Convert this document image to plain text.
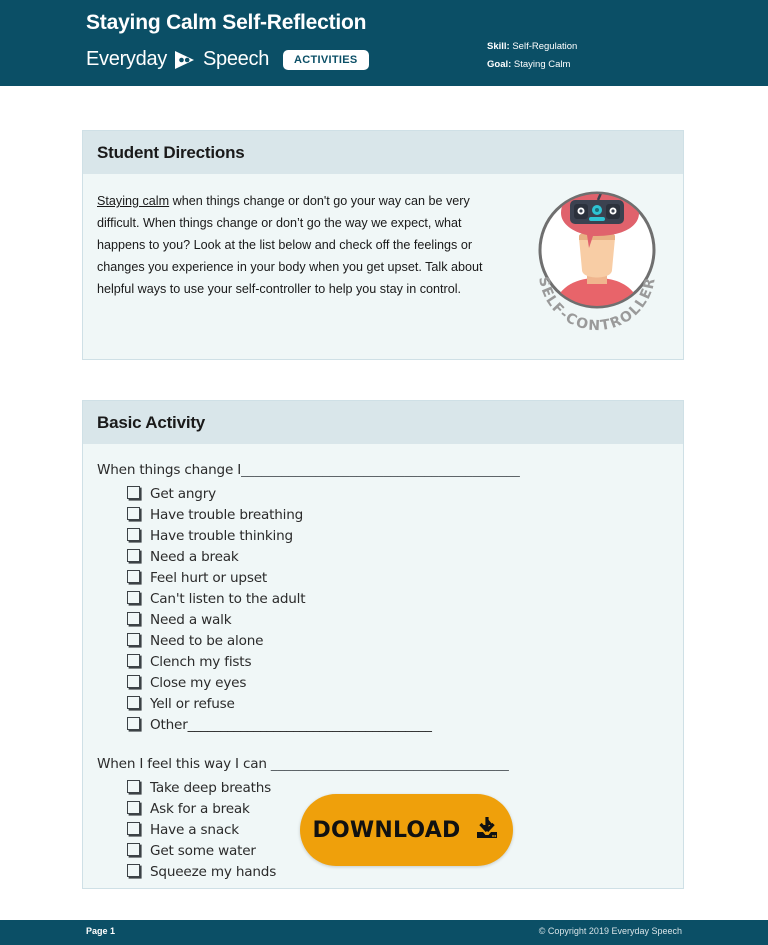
Staying Calm Self-Reflection
Everyday Speech	ACTIVITIES
Skill: Self-Regulation
Goal: Staying Calm
Student Directions
Staying calm when things change or don't go your way can be very difficult. When things change or don’t go the way we expect, what happens to you? Look at the list below and check off the feelings or changes you experience in your body when you get upset. Talk about helpful ways to use your self-controller to help you stay in control.	SELF-CONTROLLER
Basic Activity
When things change I_________________________________________
Get angry
Have trouble breathing
Have trouble thinking
Need a break
Feel hurt or upset
Can't listen to the adult
Need a walk
Need to be alone
Clench my fists
Close my eyes
Yell or refuse
Other _____________________________________
When I feel this way I can ___________________________________
Take deep breaths
Ask for a break
Have a snack
Get some water
Squeeze my hands
DOWNLOAD
Page 1	© Copyright 2019 Everyday Speech
